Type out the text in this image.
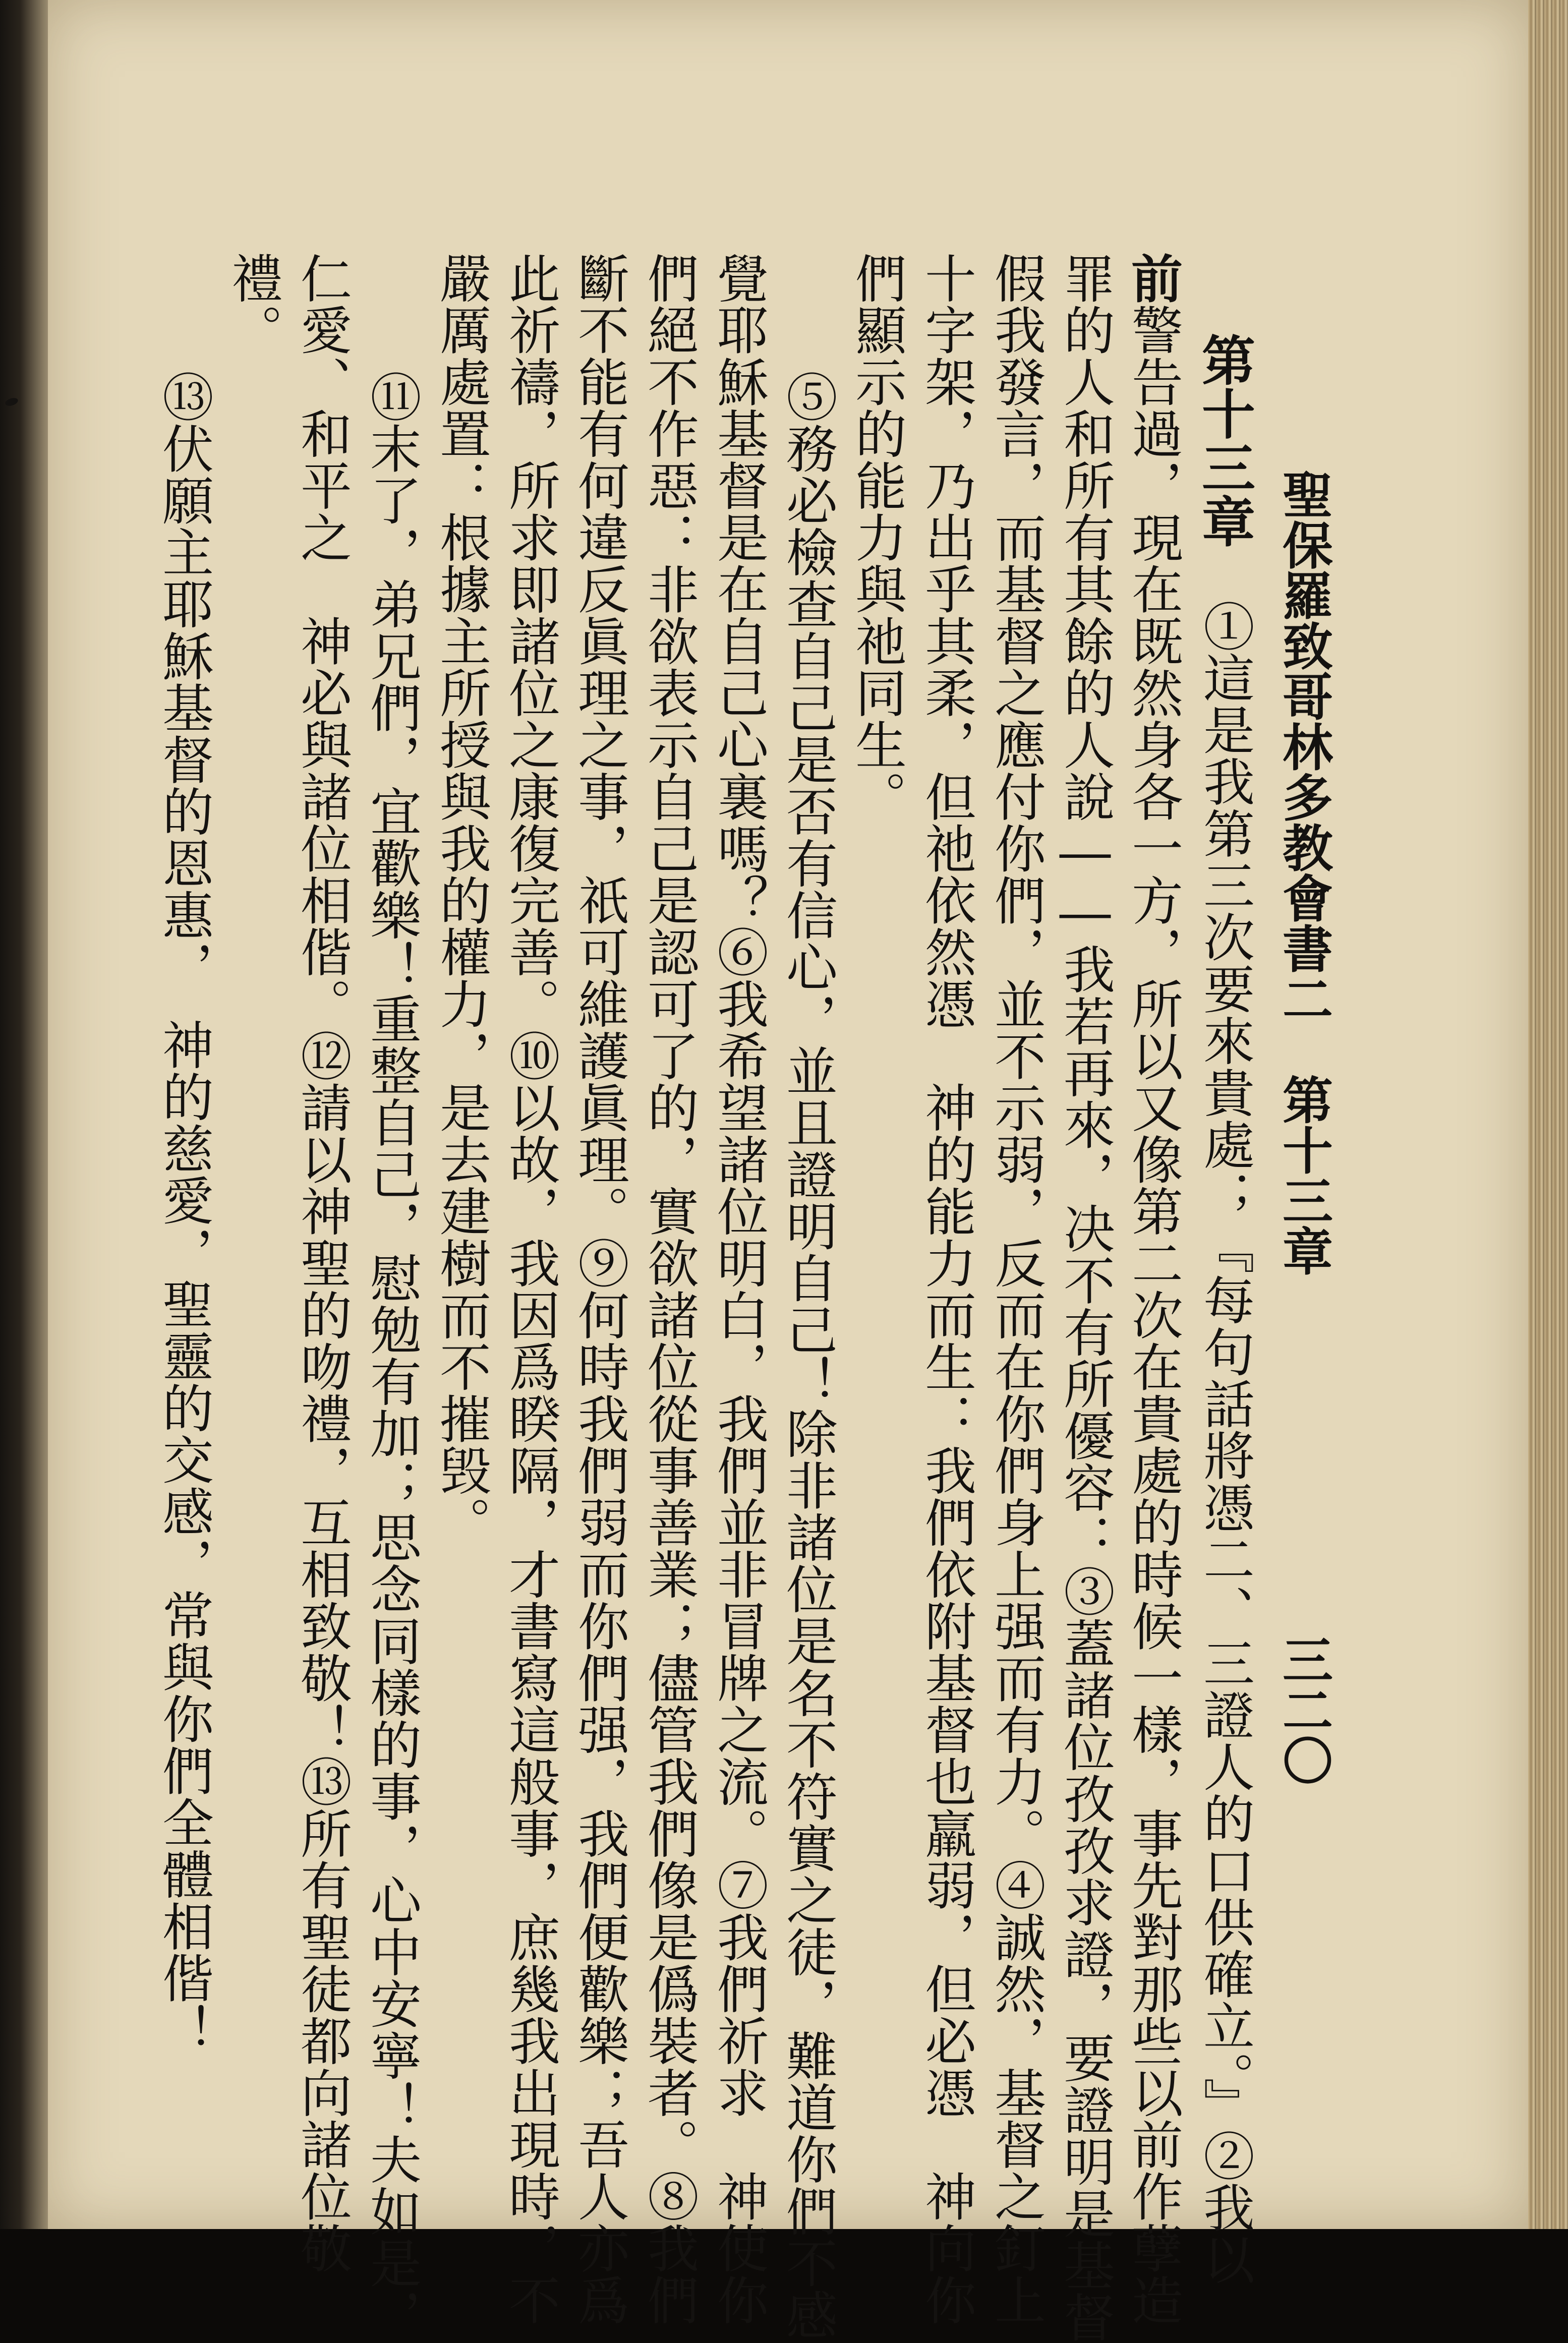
聖保羅致哥林多教會書二　第十三章
三二〇
第十三章　①這是我第三次要來貴處；『每句話將憑二、三證人的口供確立。』②我以
前警告過，現在既然身各一方，所以又像第二次在貴處的時候一樣，事先對那些以前作孽造
罪的人和所有其餘的人說――我若再來，决不有所優容：③蓋諸位孜孜求證，要證明是基督
假我發言，而基督之應付你們，並不示弱，反而在你們身上强而有力。④誠然，基督之釘上
十字架，乃出乎其柔，但祂依然憑　神的能力而生：我們依附基督也羸弱，但必憑　神向你
們顯示的能力與祂同生。
⑤務必檢查自己是否有信心，並且證明自己！除非諸位是名不符實之徒，難道你們不感
覺耶穌基督是在自己心裏嗎？⑥我希望諸位明白，我們並非冒牌之流。⑦我們祈求　神使你
們絕不作惡：非欲表示自己是認可了的，實欲諸位從事善業；儘管我們像是僞裝者。⑧我們
斷不能有何違反眞理之事，祇可維護眞理。⑨何時我們弱而你們强，我們便歡樂；吾人亦爲
此祈禱，所求即諸位之康復完善。⑩以故，我因爲睽隔，才書寫這般事，庶幾我出現時，不
嚴厲處置：根據主所授與我的權力，是去建樹而不摧毁。
⑪末了，弟兄們，宜歡樂！重整自己，慰勉有加；思念同樣的事，心中安寧！夫如是，
仁愛、和平之　神必與諸位相偕。⑫請以神聖的吻禮，互相致敬！⑬所有聖徒都向諸位敬
禮。
⑬伏願主耶穌基督的恩惠，　神的慈愛，聖靈的交感，常與你們全體相偕！
